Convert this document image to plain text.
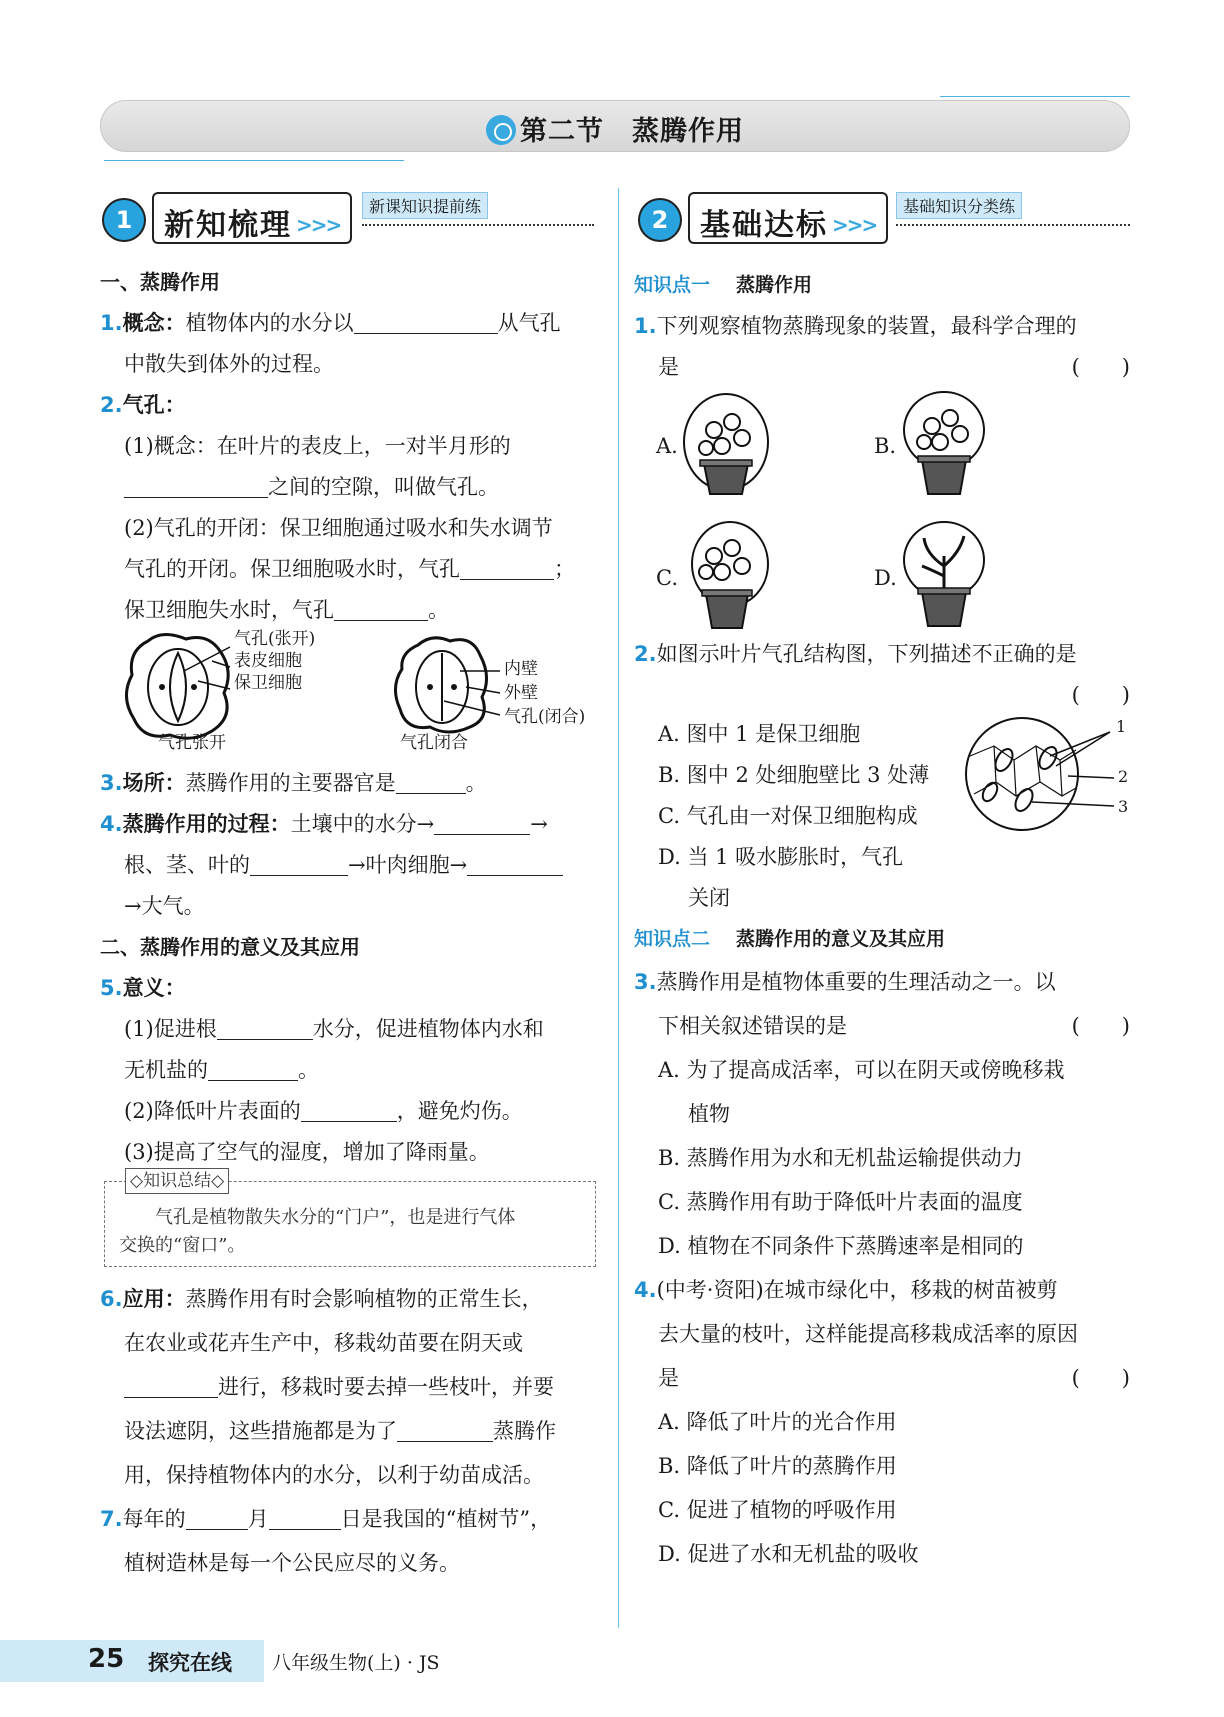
第二节　蒸腾作用
1	新知梳理 >>>
新课知识提前练	2	基础达标 >>>
基础知识分类练
一、蒸腾作用
1.概念：植物体内的水分以	从气孔
中散失到体外的过程。
2.气孔：
(1)概念：在叶片的表皮上，一对半月形的
之间的空隙，叫做气孔。
(2)气孔的开闭：保卫细胞通过吸水和失水调节
气孔的开闭。保卫细胞吸水时，气孔	；
保卫细胞失水时，气孔	。
气孔(张开)
表皮细胞
保卫细胞
气孔张开
内壁
外壁
气孔(闭合)
气孔闭合
3.场所：蒸腾作用的主要器官是	。
4.蒸腾作用的过程：土壤中的水分→	→
根、茎、叶的	→叶肉细胞→
→大气。
二、蒸腾作用的意义及其应用
5.意义：
(1)促进根	水分，促进植物体内水和
无机盐的	。
(2)降低叶片表面的	，避免灼伤。
(3)提高了空气的湿度，增加了降雨量。
◇知识总结◇
气孔是植物散失水分的“门户”，也是进行气体
交换的“窗口”。
6.应用：蒸腾作用有时会影响植物的正常生长，
在农业或花卉生产中，移栽幼苗要在阴天或
进行，移栽时要去掉一些枝叶，并要
设法遮阴，这些措施都是为了	蒸腾作
用，保持植物体内的水分，以利于幼苗成活。
7.每年的	月	日是我国的“植树节”，
植树造林是每一个公民应尽的义务。
知识点一 蒸腾作用
1.下列观察植物蒸腾现象的装置，最科学合理的
是	(　　)
A.	B.
C.	D.
2.如图示叶片气孔结构图，下列描述不正确的是
(　　)
A. 图中 1 是保卫细胞
B. 图中 2 处细胞壁比 3 处薄
C. 气孔由一对保卫细胞构成
D. 当 1 吸水膨胀时，气孔
关闭
1
2
3
知识点二 蒸腾作用的意义及其应用
3.蒸腾作用是植物体重要的生理活动之一。以
下相关叙述错误的是	(　　)
A. 为了提高成活率，可以在阴天或傍晚移栽
植物
B. 蒸腾作用为水和无机盐运输提供动力
C. 蒸腾作用有助于降低叶片表面的温度
D. 植物在不同条件下蒸腾速率是相同的
4.(中考·资阳)在城市绿化中，移栽的树苗被剪
去大量的枝叶，这样能提高移栽成活率的原因
是	(　　)
A. 降低了叶片的光合作用
B. 降低了叶片的蒸腾作用
C. 促进了植物的呼吸作用
D. 促进了水和无机盐的吸收
25 探究在线 八年级生物(上) · JS
